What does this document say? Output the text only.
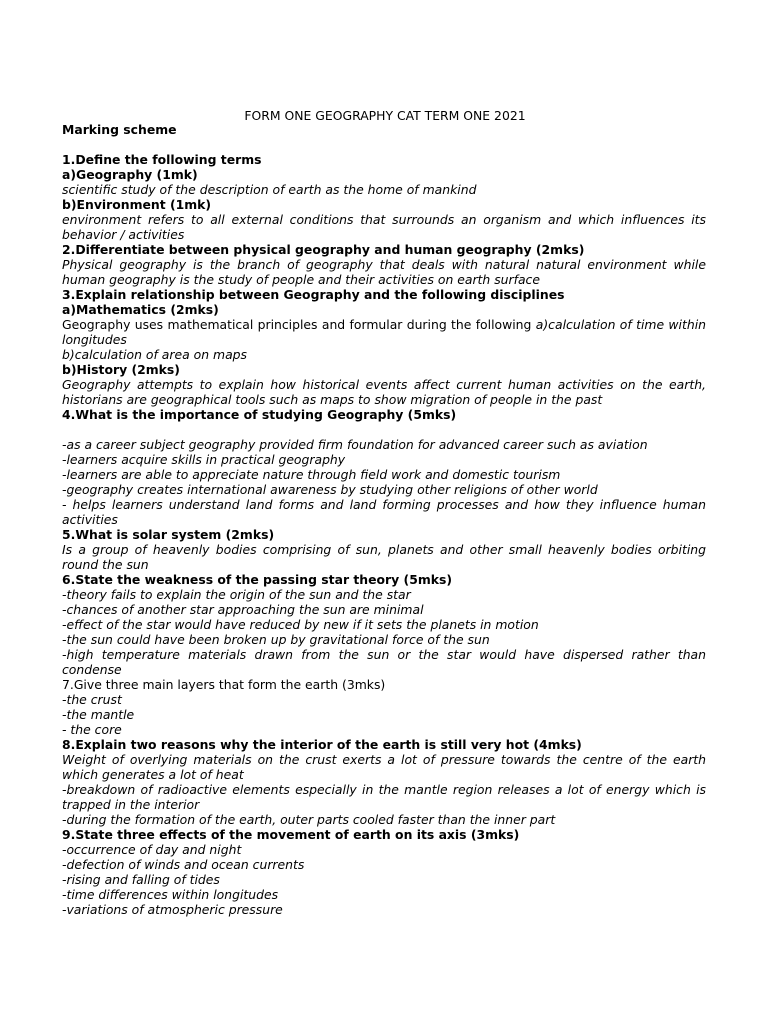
FORM ONE GEOGRAPHY CAT TERM ONE 2021
Marking scheme
1.Define the following terms
a)Geography (1mk)
scientific study of the description of earth as the home of mankind
b)Environment (1mk)
environment refers to all external conditions that surrounds an organism and which influences its behavior / activities
2.Differentiate between physical geography and human geography (2mks)
Physical geography is the branch of geography that deals with natural natural environment while human geography is the study of people and their activities on earth surface
3.Explain relationship between Geography and the following disciplines
a)Mathematics (2mks)
Geography uses mathematical principles and formular during the following a)calculation of time within longitudes
b)calculation of area on maps
b)History (2mks)
Geography attempts to explain how historical events affect current human activities on the earth, historians are geographical tools such as maps to show migration of people in the past
4.What is the importance of studying Geography (5mks)
-as a career subject geography provided firm foundation for advanced career such as aviation
-learners acquire skills in practical geography
-learners are able to appreciate nature through field work and domestic tourism
-geography creates international awareness by studying other religions of other world
- helps learners understand land forms and land forming processes and how they influence human activities
5.What is solar system (2mks)
Is a group of heavenly bodies comprising of sun, planets and other small heavenly bodies orbiting round the sun
6.State the weakness of the passing star theory (5mks)
-theory fails to explain the origin of the sun and the star
-chances of another star approaching the sun are minimal
-effect of the star would have reduced by new if it sets the planets in motion
-the sun could have been broken up by gravitational force of the sun
-high temperature materials drawn from the sun or the star would have dispersed rather than condense
7.Give three main layers that form the earth (3mks)
-the crust
-the mantle
- the core
8.Explain two reasons why the interior of the earth is still very hot (4mks)
Weight of overlying materials on the crust exerts a lot of pressure towards the centre of the earth which generates a lot of heat
-breakdown of radioactive elements especially in the mantle region releases a lot of energy which is trapped in the interior
-during the formation of the earth, outer parts cooled faster than the inner part
9.State three effects of the movement of earth on its axis (3mks)
-occurrence of day and night
-defection of winds and ocean currents
-rising and falling of tides
-time differences within longitudes
-variations of atmospheric pressure
